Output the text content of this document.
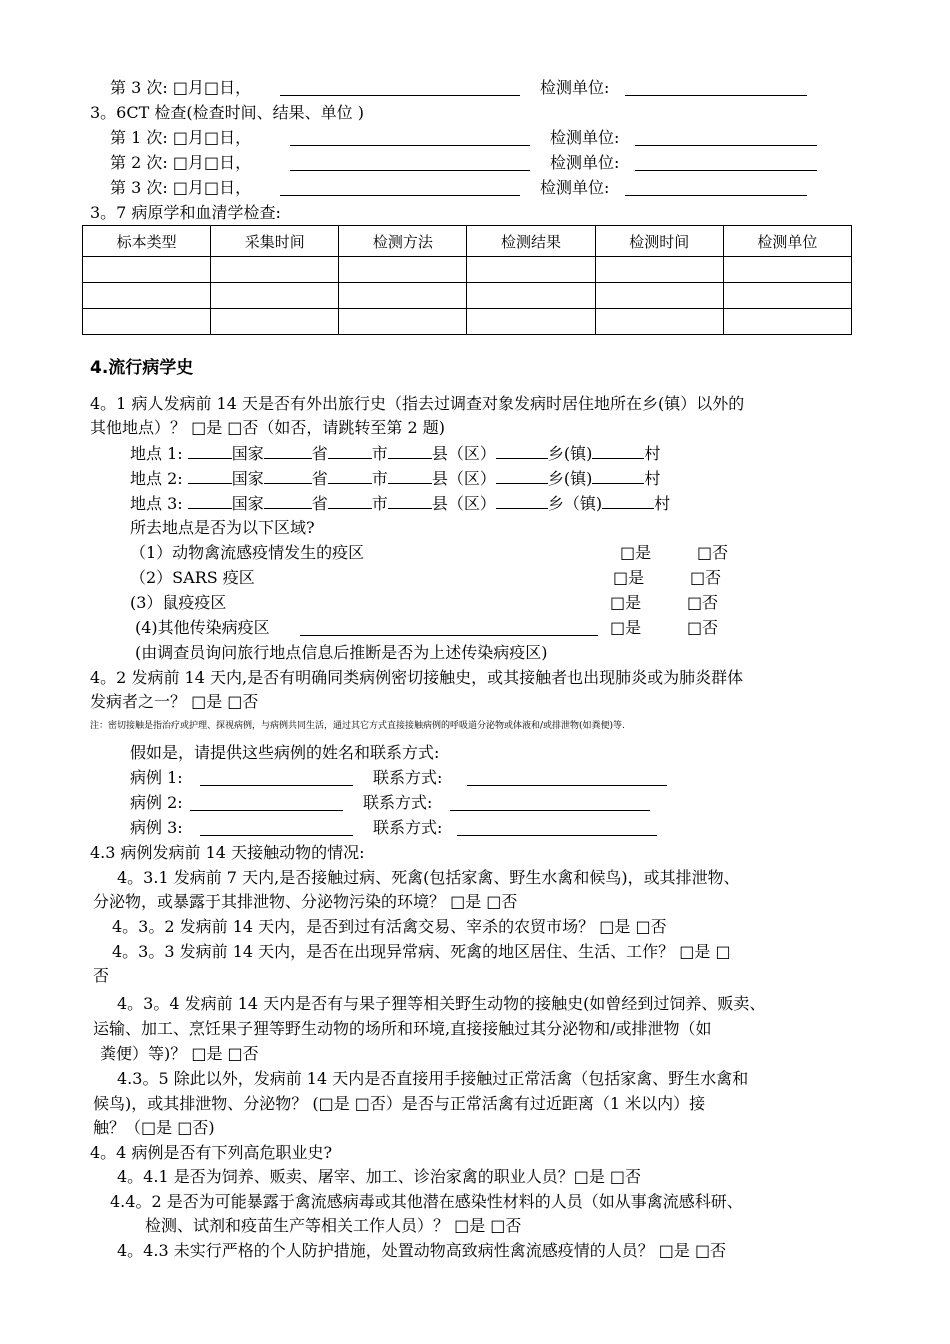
第 3 次: □月□日，	检测单位:
3。6CT 检查(检查时间、结果、单位 )
第 1 次: □月□日，	检测单位:
第 2 次: □月□日，	检测单位:
第 3 次: □月□日，	检测单位:
3。7 病原学和血清学检查:
标本类型	采集时间	检测方法	检测结果	检测时间	检测单位

4.流行病学史
4。1 病人发病前 14 天是否有外出旅行史（指去过调查对象发病时居住地所在乡(镇）以外的
其他地点）？ □是 □否（如否，请跳转至第 2 题)
地点 1:	国家	省	市	县（区）	乡(镇)	村
地点 2:	国家	省	市	县（区）	乡(镇)	村
地点 3:	国家	省	市	县（区）	乡（镇)	村
所去地点是否为以下区域?
（1）动物禽流感疫情发生的疫区	□是	□否
（2）SARS 疫区	□是	□否
(3）鼠疫疫区	□是	□否
(4)其他传染病疫区	□是	□否
(由调查员询问旅行地点信息后推断是否为上述传染病疫区)
4。2 发病前 14 天内,是否有明确同类病例密切接触史，或其接触者也出现肺炎或为肺炎群体
发病者之一？ □是 □否
注：密切接触是指治疗或护理、探视病例，与病例共同生活，通过其它方式直接接触病例的呼吸道分泌物或体液和/或排泄物(如粪便)等.
假如是，请提供这些病例的姓名和联系方式:
病例 1:	联系方式:
病例 2:	联系方式:
病例 3:	联系方式:
4.3 病例发病前 14 天接触动物的情况:
4。3.1 发病前 7 天内,是否接触过病、死禽(包括家禽、野生水禽和候鸟)，或其排泄物、
分泌物，或暴露于其排泄物、分泌物污染的环境？ □是 □否
4。3。2 发病前 14 天内，是否到过有活禽交易、宰杀的农贸市场？ □是 □否
4。3。3 发病前 14 天内，是否在出现异常病、死禽的地区居住、生活、工作？ □是 □
否
4。3。4 发病前 14 天内是否有与果子狸等相关野生动物的接触史(如曾经到过饲养、贩卖、
运输、加工、烹饪果子狸等野生动物的场所和环境,直接接触过其分泌物和/或排泄物（如
粪便）等)？ □是 □否
4.3。5 除此以外，发病前 14 天内是否直接用手接触过正常活禽（包括家禽、野生水禽和
候鸟)，或其排泄物、分泌物？ (□是 □否）是否与正常活禽有过近距离（1 米以内）接
触？（□是 □否)
4。4 病例是否有下列高危职业史?
4。4.1 是否为饲养、贩卖、屠宰、加工、诊治家禽的职业人员？□是 □否
4.4。2 是否为可能暴露于禽流感病毒或其他潜在感染性材料的人员（如从事禽流感科研、
检测、试剂和疫苗生产等相关工作人员）？ □是 □否
4。4.3 未实行严格的个人防护措施，处置动物高致病性禽流感疫情的人员？ □是 □否
